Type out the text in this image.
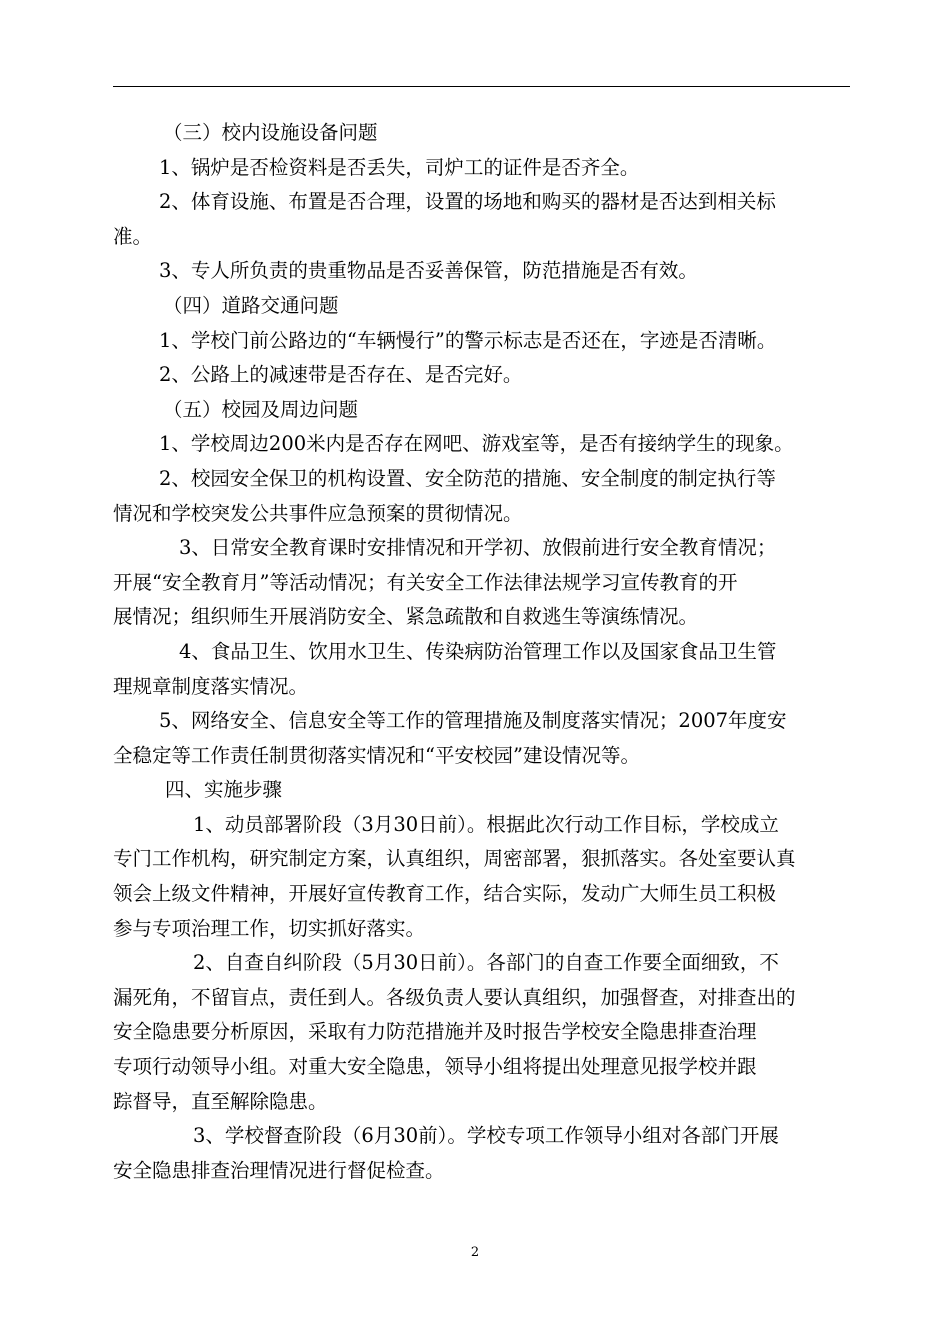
（三）校内设施设备问题
1、锅炉是否检资料是否丢失，司炉工的证件是否齐全。
2、体育设施、布置是否合理，设置的场地和购买的器材是否达到相关标
准。
3、专人所负责的贵重物品是否妥善保管，防范措施是否有效。
（四）道路交通问题
1、学校门前公路边的“车辆慢行”的警示标志是否还在，字迹是否清晰。
2、公路上的减速带是否存在、是否完好。
（五）校园及周边问题
1、学校周边200米内是否存在网吧、游戏室等，是否有接纳学生的现象。
2、校园安全保卫的机构设置、安全防范的措施、安全制度的制定执行等
情况和学校突发公共事件应急预案的贯彻情况。
3、日常安全教育课时安排情况和开学初、放假前进行安全教育情况；
开展“安全教育月”等活动情况；有关安全工作法律法规学习宣传教育的开
展情况；组织师生开展消防安全、紧急疏散和自救逃生等演练情况。
4、食品卫生、饮用水卫生、传染病防治管理工作以及国家食品卫生管
理规章制度落实情况。
5、网络安全、信息安全等工作的管理措施及制度落实情况；2007年度安
全稳定等工作责任制贯彻落实情况和“平安校园”建设情况等。
四、实施步骤
1、动员部署阶段（3月30日前）。根据此次行动工作目标，学校成立
专门工作机构，研究制定方案，认真组织，周密部署，狠抓落实。各处室要认真
领会上级文件精神，开展好宣传教育工作，结合实际，发动广大师生员工积极
参与专项治理工作，切实抓好落实。
2、自查自纠阶段（5月30日前）。各部门的自查工作要全面细致，不
漏死角，不留盲点，责任到人。各级负责人要认真组织，加强督查，对排查出的
安全隐患要分析原因，采取有力防范措施并及时报告学校安全隐患排查治理
专项行动领导小组。对重大安全隐患，领导小组将提出处理意见报学校并跟
踪督导，直至解除隐患。
3、学校督查阶段（6月30前）。学校专项工作领导小组对各部门开展
安全隐患排查治理情况进行督促检查。
2
